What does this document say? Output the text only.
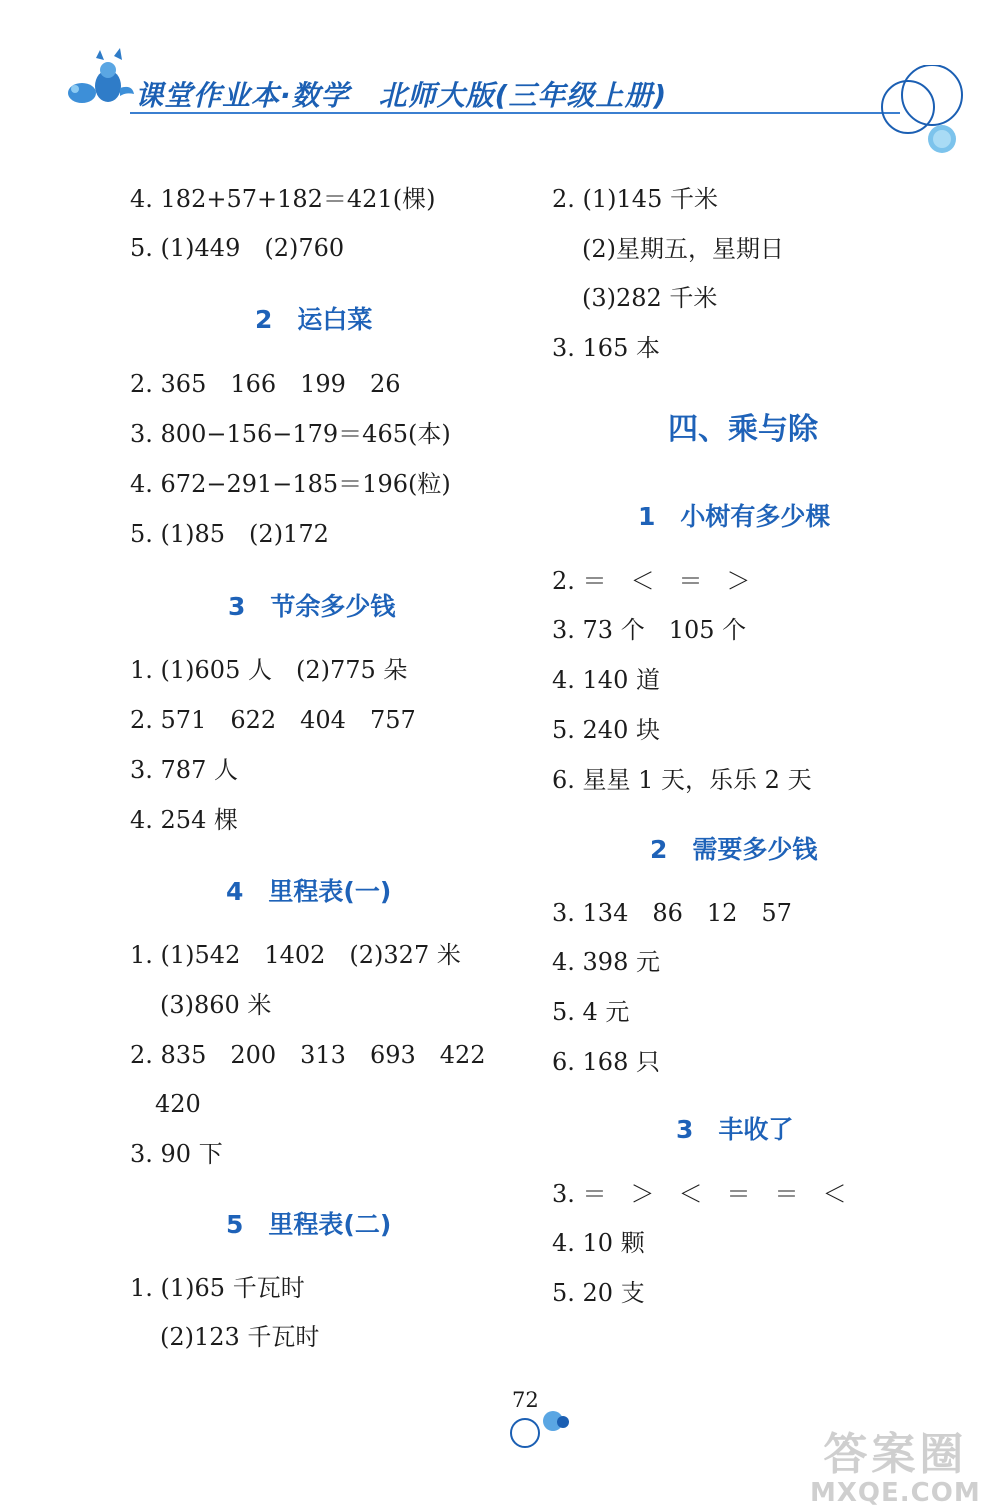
课堂作业本·数学　北师大版(三年级上册)
4. 182+57+182＝421(棵)
5. (1)449　(2)760
2　运白菜
2. 365　166　199　26
3. 800−156−179＝465(本)
4. 672−291−185＝196(粒)
5. (1)85　(2)172
3　节余多少钱
1. (1)605 人　(2)775 朵
2. 571　622　404　757
3. 787 人
4. 254 棵
4　里程表(一)
1. (1)542　1402　(2)327 米
(3)860 米
2. 835　200　313　693　422
420
3. 90 下
5　里程表(二)
1. (1)65 千瓦时
(2)123 千瓦时
2. (1)145 千米
(2)星期五，星期日
(3)282 千米
3. 165 本
四、乘与除
1　小树有多少棵
2. ＝　＜　＝　＞
3. 73 个　105 个
4. 140 道
5. 240 块
6. 星星 1 天，乐乐 2 天
2　需要多少钱
3. 134　86　12　57
4. 398 元
5. 4 元
6. 168 只
3　丰收了
3. ＝　＞　＜　＝　＝　＜
4. 10 颗
5. 20 支
72
答案圈
MXQE.COM
